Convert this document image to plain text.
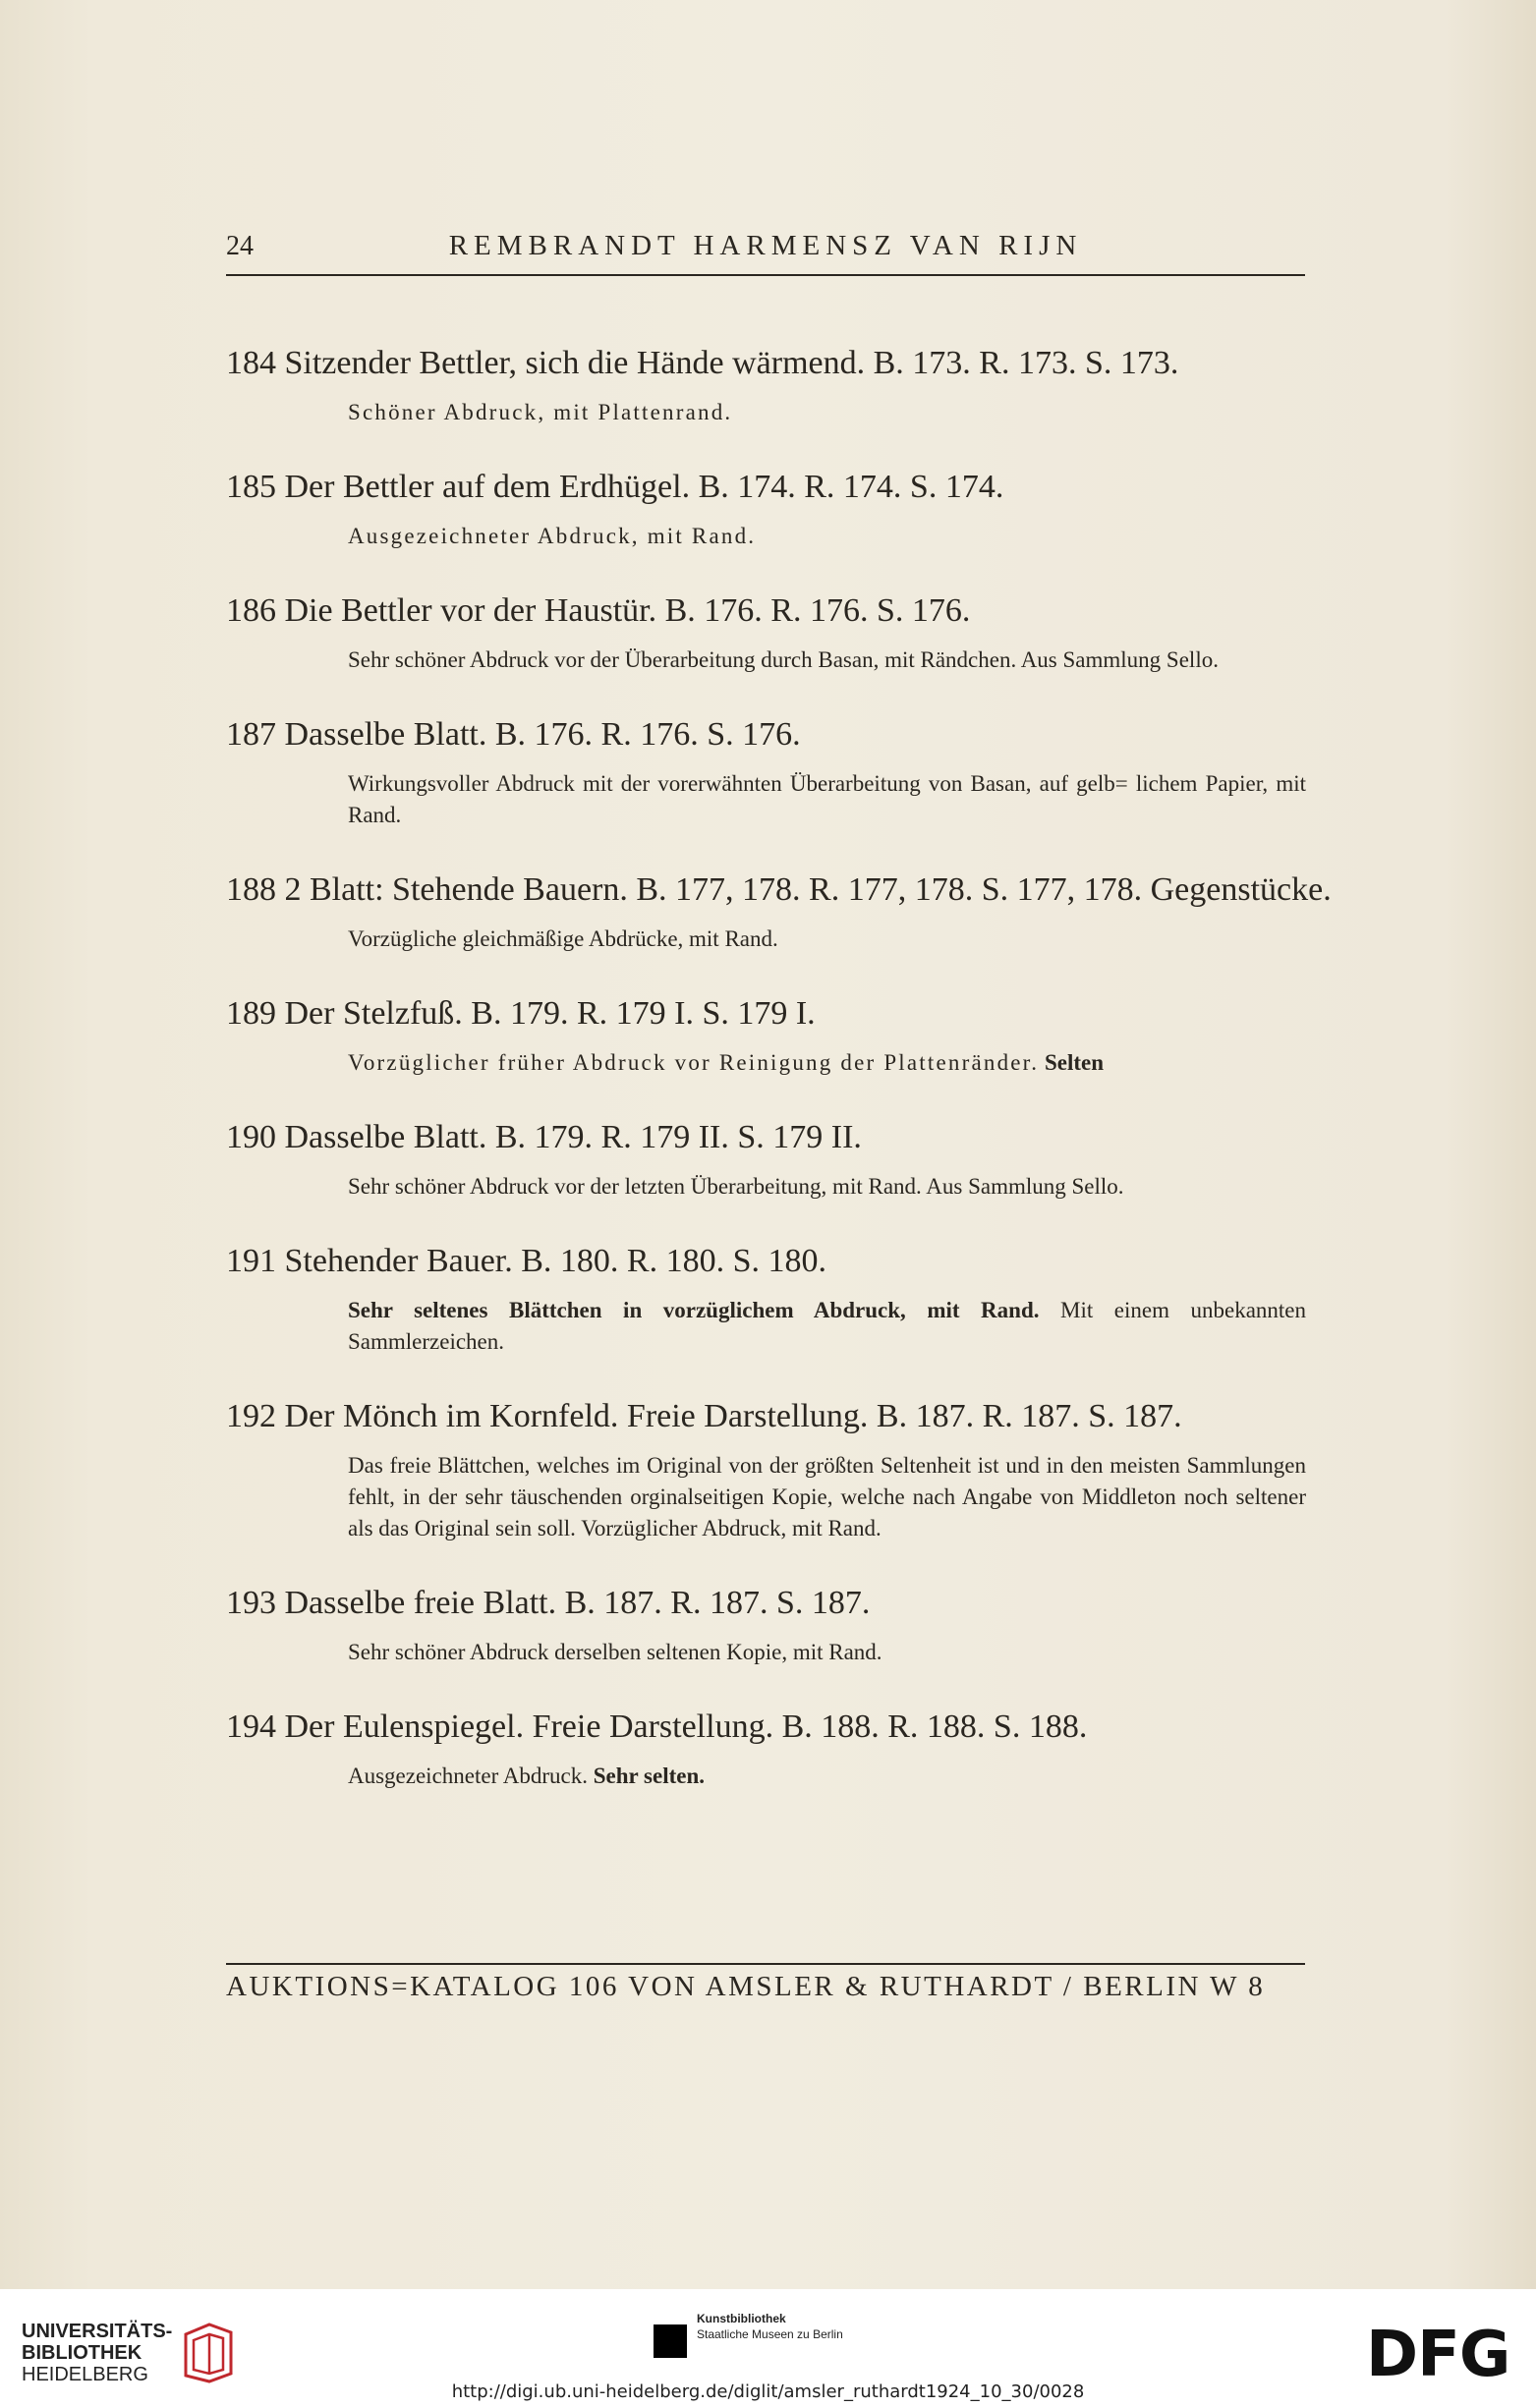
24	REMBRANDT HARMENSZ VAN RIJN
184 Sitzender Bettler, sich die Hände wärmend. B. 173. R. 173. S. 173.
Schöner Abdruck, mit Plattenrand.
185 Der Bettler auf dem Erdhügel. B. 174. R. 174. S. 174.
Ausgezeichneter Abdruck, mit Rand.
186 Die Bettler vor der Haustür. B. 176. R. 176. S. 176.
Sehr schöner Abdruck vor der Überarbeitung durch Basan, mit Rändchen. Aus Sammlung Sello.
187 Dasselbe Blatt. B. 176. R. 176. S. 176.
Wirkungsvoller Abdruck mit der vorerwähnten Überarbeitung von Basan, auf gelb= lichem Papier, mit Rand.
188 2 Blatt: Stehende Bauern. B. 177, 178. R. 177, 178. S. 177, 178. Gegenstücke.
Vorzügliche gleichmäßige Abdrücke, mit Rand.
189 Der Stelzfuß. B. 179. R. 179 I. S. 179 I.
Vorzüglicher früher Abdruck vor Reinigung der Plattenränder. Selten
190 Dasselbe Blatt. B. 179. R. 179 II. S. 179 II.
Sehr schöner Abdruck vor der letzten Überarbeitung, mit Rand. Aus Sammlung Sello.
191 Stehender Bauer. B. 180. R. 180. S. 180.
Sehr seltenes Blättchen in vorzüglichem Abdruck, mit Rand. Mit einem unbekannten Sammlerzeichen.
192 Der Mönch im Kornfeld. Freie Darstellung. B. 187. R. 187. S. 187.
Das freie Blättchen, welches im Original von der größten Seltenheit ist und in den meisten Sammlungen fehlt, in der sehr täuschenden orginalseitigen Kopie, welche nach Angabe von Middleton noch seltener als das Original sein soll. Vorzüglicher Abdruck, mit Rand.
193 Dasselbe freie Blatt. B. 187. R. 187. S. 187.
Sehr schöner Abdruck derselben seltenen Kopie, mit Rand.
194 Der Eulenspiegel. Freie Darstellung. B. 188. R. 188. S. 188.
Ausgezeichneter Abdruck. Sehr selten.
AUKTIONS=KATALOG 106 VON AMSLER & RUTHARDT / BERLIN W 8
UNIVERSITÄTS-
BIBLIOTHEK
HEIDELBERG
Kunstbibliothek
Staatliche Museen zu Berlin	DFG
http://digi.ub.uni-heidelberg.de/diglit/amsler_ruthardt1924_10_30/0028
